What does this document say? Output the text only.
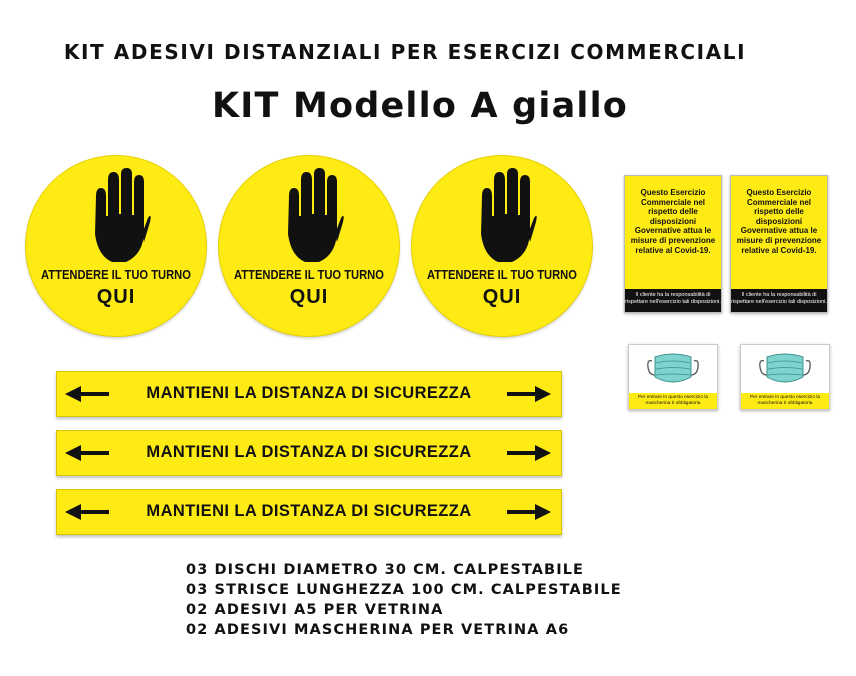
KIT ADESIVI DISTANZIALI PER ESERCIZI COMMERCIALI
KIT Modello A giallo
ATTENDERE IL TUO TURNO
QUI
ATTENDERE IL TUO TURNO
QUI
ATTENDERE IL TUO TURNO
QUI
MANTIENI LA DISTANZA DI SICUREZZA
MANTIENI LA DISTANZA DI SICUREZZA
MANTIENI LA DISTANZA DI SICUREZZA
Questo Esercizio Commerciale nel rispetto delle disposizioni Governative attua le misure di prevenzione relative al Covid-19.
Il cliente ha la responsabilità di rispettare nell'esercizio tali disposizioni.
Questo Esercizio Commerciale nel rispetto delle disposizioni Governative attua le misure di prevenzione relative al Covid-19.
Il cliente ha la responsabilità di rispettare nell'esercizio tali disposizioni.
Per entrare in questo esercizio la mascherina è obbligatoria
Per entrare in questo esercizio la mascherina è obbligatoria
03 DISCHI DIAMETRO 30 CM. CALPESTABILE
03 STRISCE LUNGHEZZA 100 CM. CALPESTABILE
02 ADESIVI A5 PER VETRINA
02 ADESIVI MASCHERINA PER VETRINA A6
